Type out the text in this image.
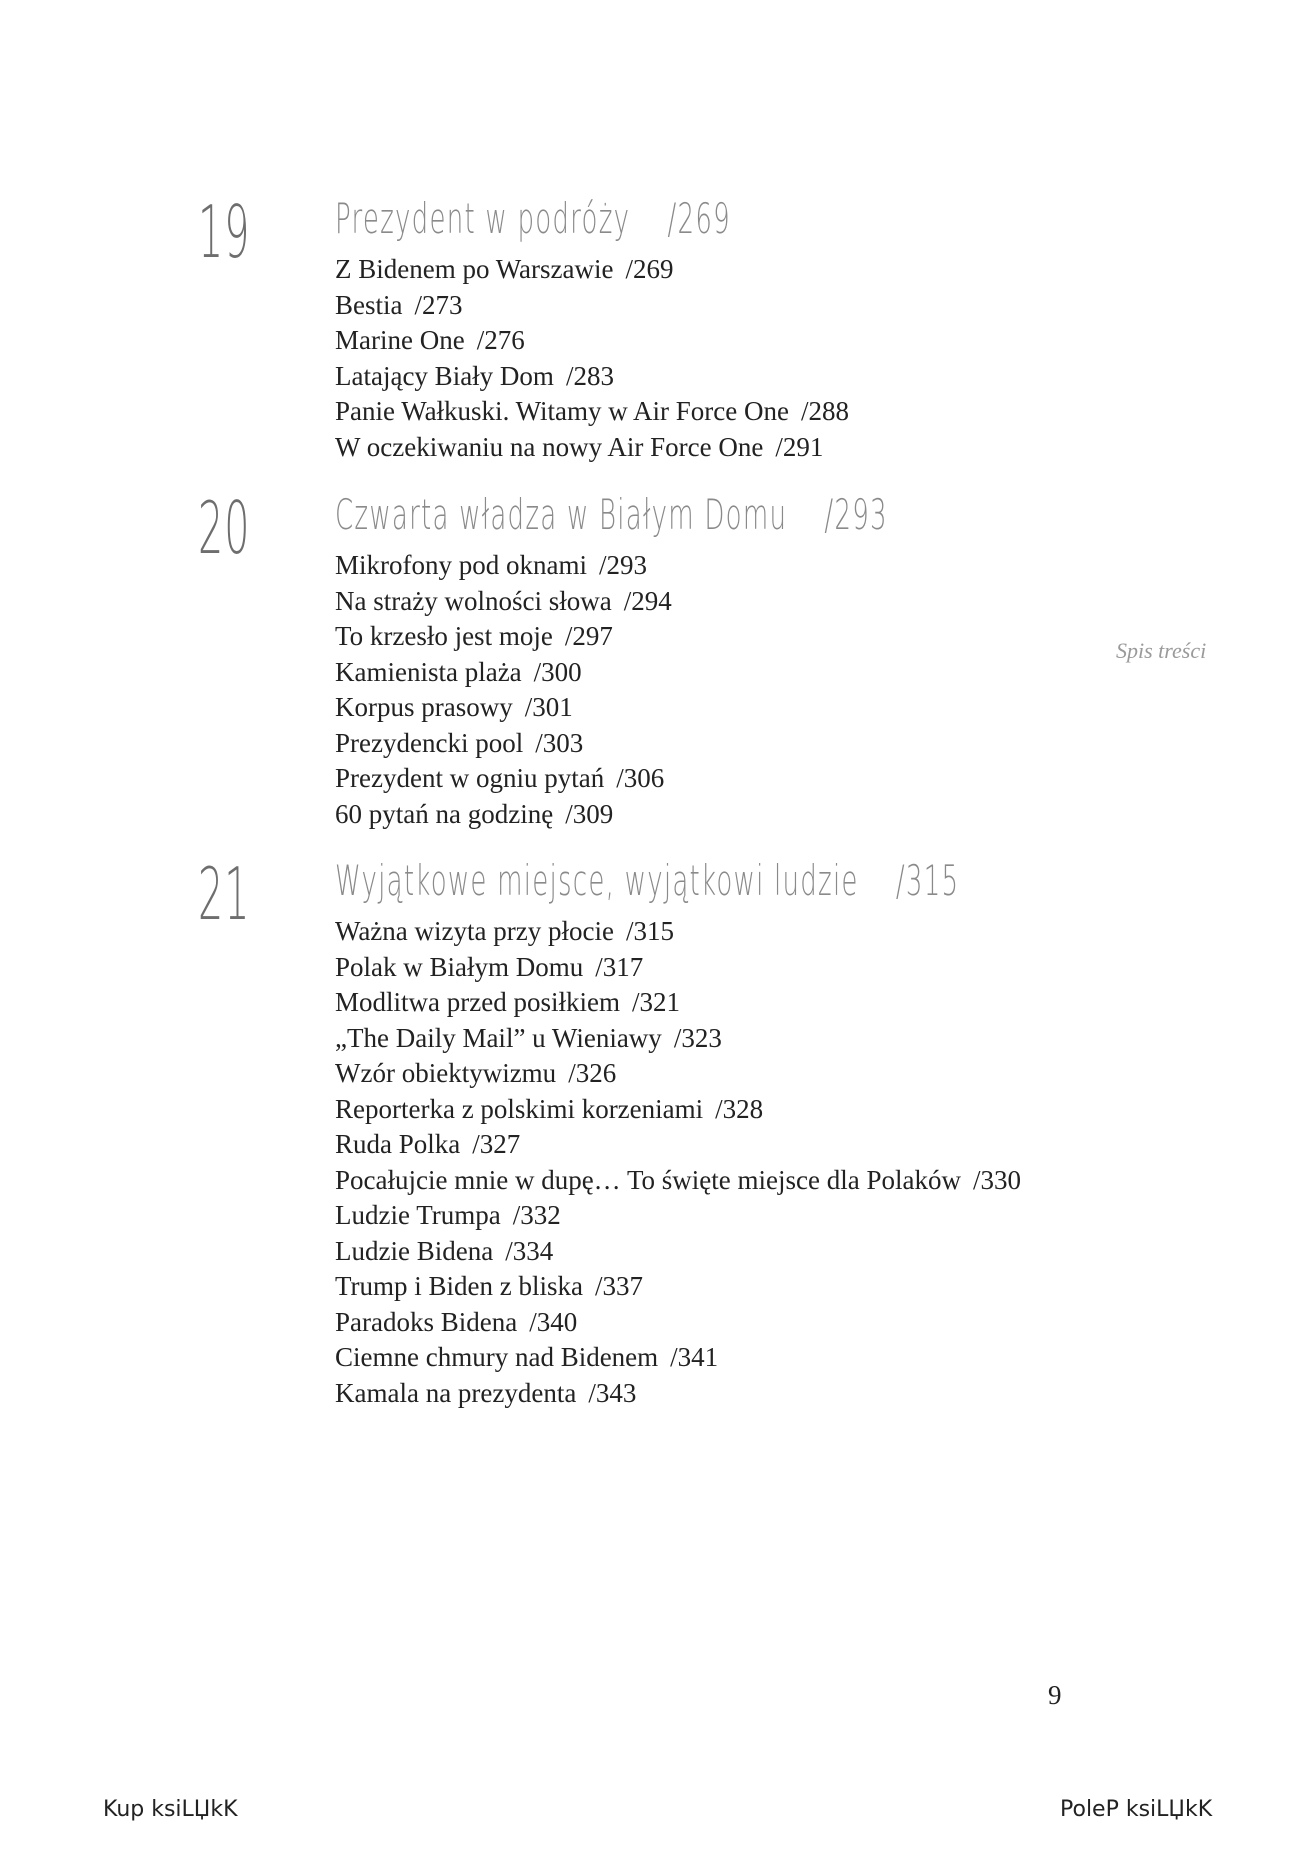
19 Prezydent w podróży /269
Z Bidenem po Warszawie /269
Bestia /273
Marine One /276
Latający Biały Dom /283
Panie Wałkuski. Witamy w Air Force One /288
W oczekiwaniu na nowy Air Force One /291
20 Czwarta władza w Białym Domu /293
Mikrofony pod oknami /293
Na straży wolności słowa /294
To krzesło jest moje /297
Kamienista plaża /300
Korpus prasowy /301
Prezydencki pool /303
Prezydent w ogniu pytań /306
60 pytań na godzinę /309
21 Wyjątkowe miejsce, wyjątkowi ludzie /315
Ważna wizyta przy płocie /315
Polak w Białym Domu /317
Modlitwa przed posiłkiem /321
„The Daily Mail” u Wieniawy /323
Wzór obiektywizmu /326
Reporterka z polskimi korzeniami /328
Ruda Polka /327
Pocałujcie mnie w dupę… To święte miejsce dla Polaków /330
Ludzie Trumpa /332
Ludzie Bidena /334
Trump i Biden z bliska /337
Paradoks Bidena /340
Ciemne chmury nad Bidenem /341
Kamala na prezydenta /343
Spis treści
9
Kup ksiLЏkK	PoleP ksiLЏkK
